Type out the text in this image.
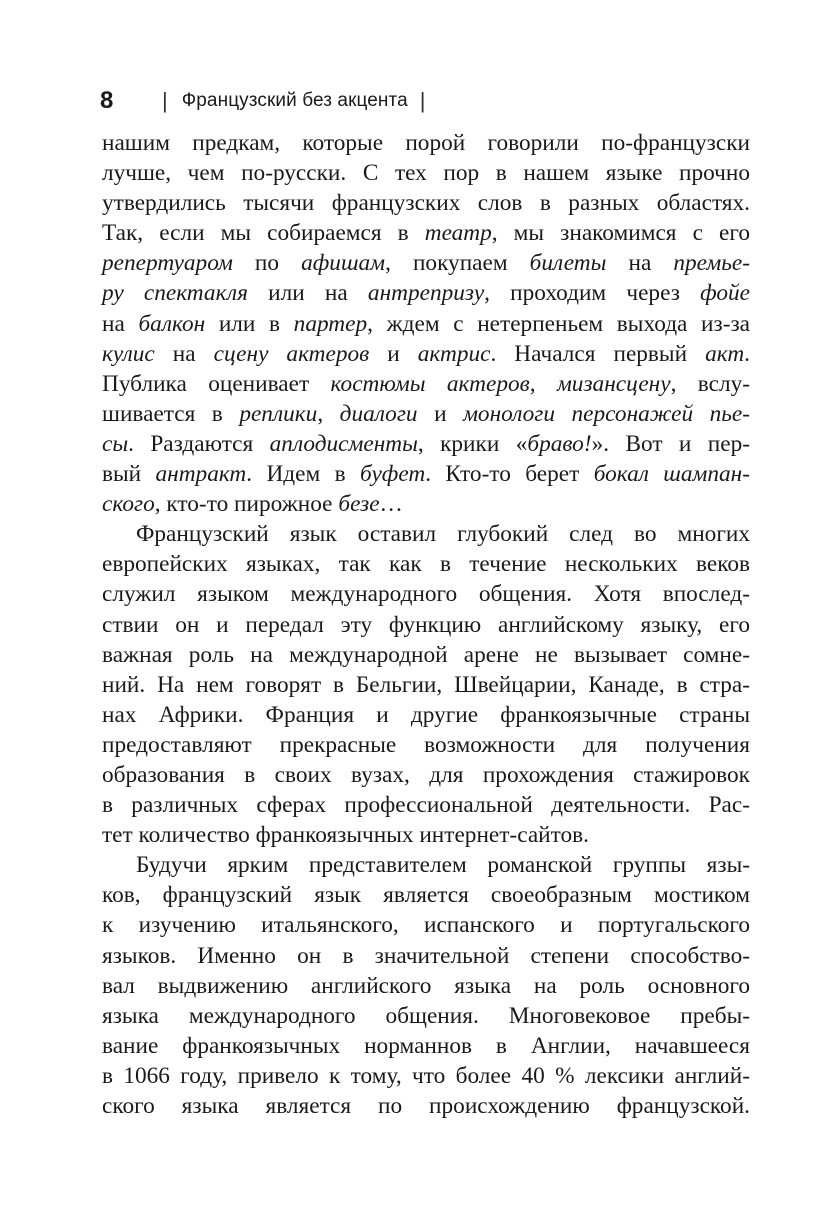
8	| Французский без акцента |
нашим предкам, которые порой говорили по-французски
лучше, чем по-русски. С тех пор в нашем языке прочно
утвердились тысячи французских слов в разных областях.
Так, если мы собираемся в театр, мы знакомимся с его
репертуаром по афишам, покупаем билеты на премье-
ру спектакля или на антрепризу, проходим через фойе
на балкон или в партер, ждем с нетерпеньем выхода из-за
кулис на сцену актеров и актрис. Начался первый акт.
Публика оценивает костюмы актеров, мизансцену, вслу-
шивается в реплики, диалоги и монологи персонажей пье-
сы. Раздаются аплодисменты, крики «браво!». Вот и пер-
вый антракт. Идем в буфет. Кто-то берет бокал шампан-
ского, кто-то пирожное безе…
Французский язык оставил глубокий след во многих
европейских языках, так как в течение нескольких веков
служил языком международного общения. Хотя впослед-
ствии он и передал эту функцию английскому языку, его
важная роль на международной арене не вызывает сомне-
ний. На нем говорят в Бельгии, Швейцарии, Канаде, в стра-
нах Африки. Франция и другие франкоязычные страны
предоставляют прекрасные возможности для получения
образования в своих вузах, для прохождения стажировок
в различных сферах профессиональной деятельности. Рас-
тет количество франкоязычных интернет-сайтов.
Будучи ярким представителем романской группы язы-
ков, французский язык является своеобразным мостиком
к изучению итальянского, испанского и португальского
языков. Именно он в значительной степени способство-
вал выдвижению английского языка на роль основного
языка международного общения. Многовековое пребы-
вание франкоязычных норманнов в Англии, начавшееся
в 1066 году, привело к тому, что более 40 % лексики англий-
ского языка является по происхождению французской.
